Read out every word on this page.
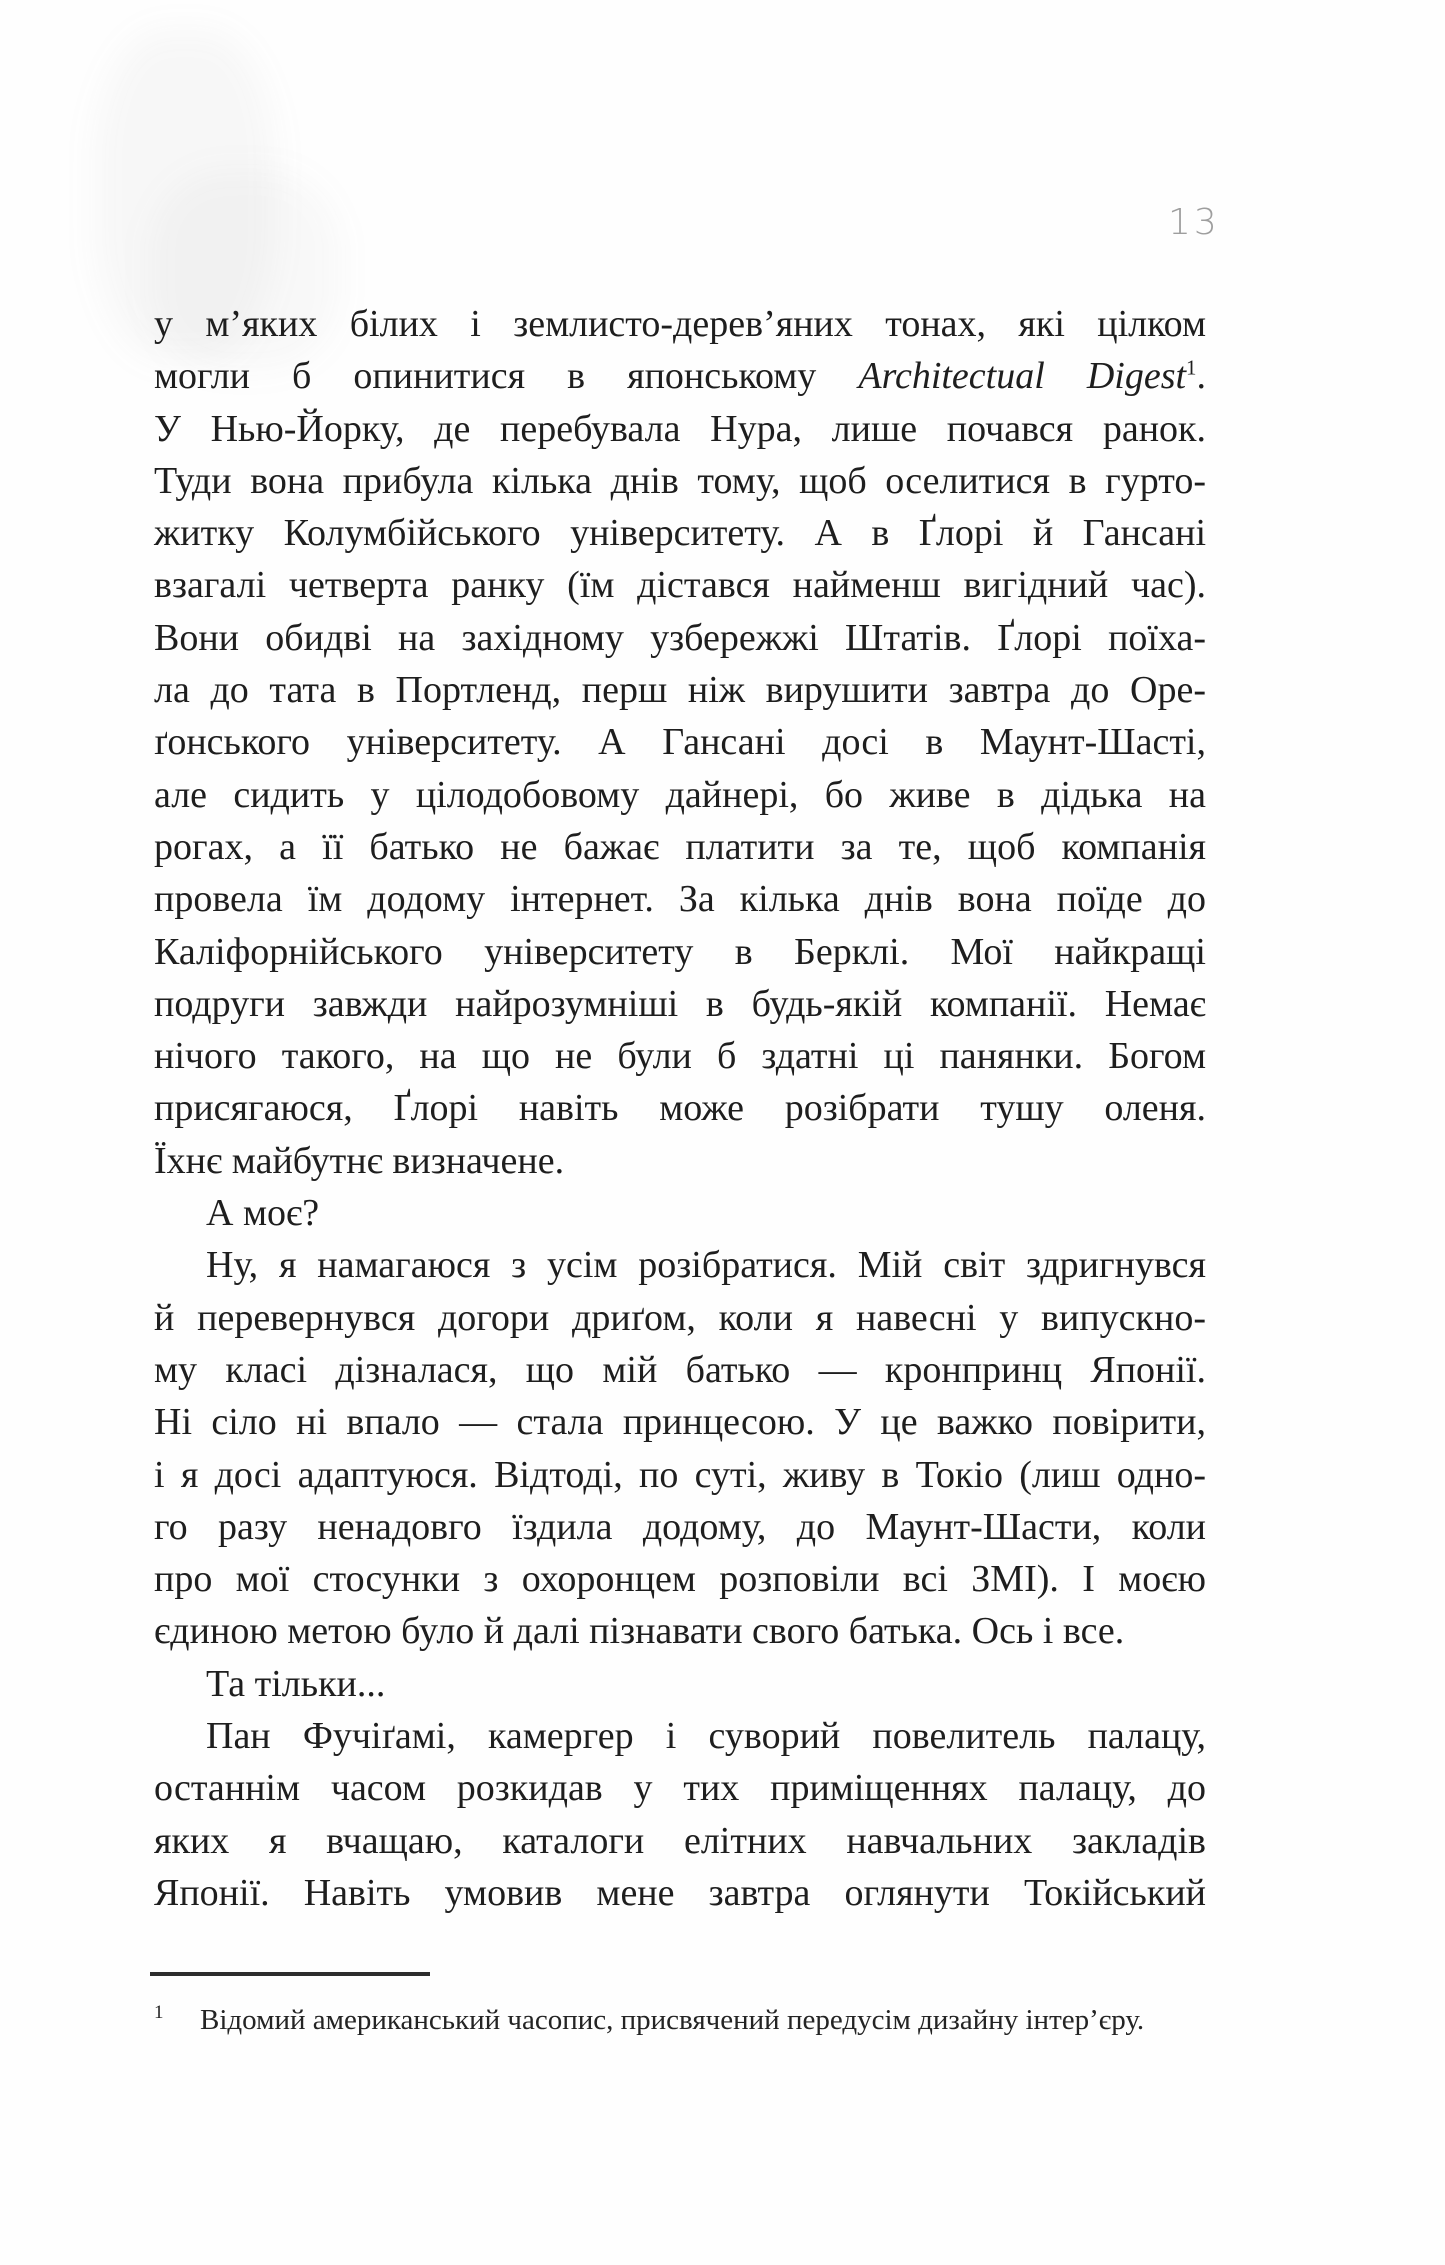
13
у м’яких білих і землисто-дерев’яних тонах, які цілком
могли б опинитися в японському Architectual Digest$^1$.
У Нью-Йорку, де перебувала Нура, лише почався ранок.
Туди вона прибула кілька днів тому, щоб оселитися в гурто-
житку Колумбійського університету. А в Ґлорі й Гансані
взагалі четверта ранку (їм дістався найменш вигідний час).
Вони обидві на західному узбережжі Штатів. Ґлорі поїха-
ла до тата в Портленд, перш ніж вирушити завтра до Оре-
ґонського університету. А Гансані досі в Маунт-Шасті,
але сидить у цілодобовому дайнері, бо живе в дідька на
рогах, а її батько не бажає платити за те, щоб компанія
провела їм додому інтернет. За кілька днів вона поїде до
Каліфорнійського університету в Берклі. Мої найкращі
подруги завжди найрозумніші в будь-якій компанії. Немає
нічого такого, на що не були б здатні ці панянки. Богом
присягаюся, Ґлорі навіть може розібрати тушу оленя.
Їхнє майбутнє визначене.
А моє?
Ну, я намагаюся з усім розібратися. Мій світ здригнувся
й перевернувся догори дриґом, коли я навесні у випускно-
му класі дізналася, що мій батько — кронпринц Японії.
Ні сіло ні впало — стала принцесою. У це важко повірити,
і я досі адаптуюся. Відтоді, по суті, живу в Токіо (лиш одно-
го разу ненадовго їздила додому, до Маунт-Шасти, коли
про мої стосунки з охоронцем розповіли всі ЗМІ). І моєю
єдиною метою було й далі пізнавати свого батька. Ось і все.
Та тільки...
Пан Фучіґамі, камергер і суворий повелитель палацу,
останнім часом розкидав у тих приміщеннях палацу, до
яких я вчащаю, каталоги елітних навчальних закладів
Японії. Навіть умовив мене завтра оглянути Токійський
1 Відомий американський часопис, присвячений передусім дизайну інтер’єру.
